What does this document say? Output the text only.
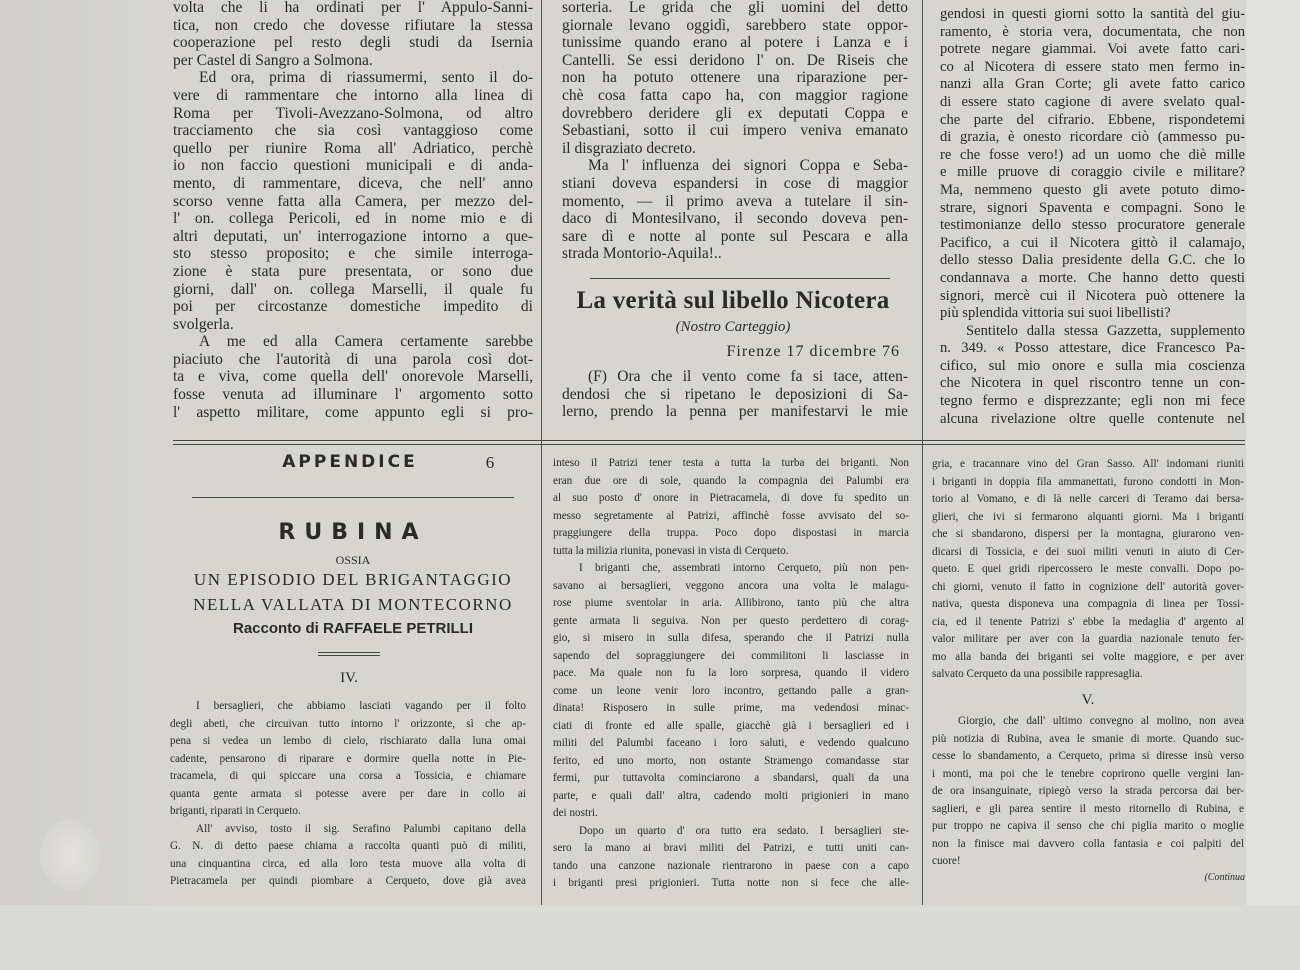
volta che li ha ordinati per l' Appulo-Sanni-
tica, non credo che dovesse rifiutare la stessa
cooperazione pel resto degli studi da Isernia
per Castel di Sangro a Solmona.
Ed ora, prima di riassumermi, sento il do-
vere di rammentare che intorno alla linea di
Roma per Tivoli-Avezzano-Solmona, od altro
tracciamento che sia così vantaggioso come
quello per riunire Roma all' Adriatico, perchè
io non faccio questioni municipali e di anda-
mento, di rammentare, diceva, che nell' anno
scorso venne fatta alla Camera, per mezzo del-
l' on. collega Pericoli, ed in nome mio e di
altri deputati, un' interrogazione intorno a que-
sto stesso proposito; e che simile interroga-
zione è stata pure presentata, or sono due
giorni, dall' on. collega Marselli, il quale fu
poi per circostanze domestiche impedito di
svolgerla.
A me ed alla Camera certamente sarebbe
piaciuto che l'autorità di una parola così dot-
ta e viva, come quella dell' onorevole Marselli,
fosse venuta ad illuminare l' argomento sotto
l' aspetto militare, come appunto egli si pro-
sorteria. Le grida che gli uomini del detto
giornale levano oggidì, sarebbero state oppor-
tunissime quando erano al potere i Lanza e i
Cantelli. Se essi deridono l' on. De Riseis che
non ha potuto ottenere una riparazione per-
chè cosa fatta capo ha, con maggior ragione
dovrebbero deridere gli ex deputati Coppa e
Sebastiani, sotto il cui impero veniva emanato
il disgraziato decreto.
Ma l' influenza dei signori Coppa e Seba-
stiani doveva espandersi in cose di maggior
momento, — il primo aveva a tutelare il sin-
daco di Montesilvano, il secondo doveva pen-
sare dì e notte al ponte sul Pescara e alla
strada Montorio-Aquila!..
La verità sul libello Nicotera
(Nostro Carteggio)
Firenze 17 dicembre 76
(F) Ora che il vento come fa si tace, atten-
dendosi che si ripetano le deposizioni di Sa-
lerno, prendo la penna per manifestarvi le mie
gendosi in questi giorni sotto la santità del giu-
ramento, è storia vera, documentata, che non
potrete negare giammai. Voi avete fatto cari-
co al Nicotera di essere stato men fermo in-
nanzi alla Gran Corte; gli avete fatto carico
di essere stato cagione di avere svelato qual-
che parte del cifrario. Ebbene, rispondetemi
di grazia, è onesto ricordare ciò (ammesso pu-
re che fosse vero!) ad un uomo che diè mille
e mille pruove di coraggio civile e militare?
Ma, nemmeno questo gli avete potuto dimo-
strare, signori Spaventa e compagni. Sono le
testimonianze dello stesso procuratore generale
Pacifico, a cui il Nicotera gittò il calamajo,
dello stesso Dalia presidente della G.C. che lo
condannava a morte. Che hanno detto questi
signori, mercè cui il Nicotera può ottenere la
più splendida vittoria sui suoi libellisti?
Sentitelo dalla stessa Gazzetta, supplemento
n. 349. « Posso attestare, dice Francesco Pa-
cifico, sul mio onore e sulla mia coscienza
che Nicotera in quel riscontro tenne un con-
tegno fermo e disprezzante; egli non mi fece
alcuna rivelazione oltre quelle contenute nel
APPENDICE	6
RUBINA
OSSIA
UN EPISODIO DEL BRIGANTAGGIO
NELLA VALLATA DI MONTECORNO
Racconto di RAFFAELE PETRILLI
IV.
I bersaglieri, che abbiamo lasciati vagando per il folto
degli abeti, che circuivan tutto intorno l' orizzonte, sì che ap-
pena si vedea un lembo di cielo, rischiarato dalla luna omai
cadente, pensarono di riparare e dormire quella notte in Pie-
tracamela, di qui spiccare una corsa a Tossicia, e chiamare
quanta gente armata si potesse avere per dare in collo ai
briganti, riparati in Cerqueto.
All' avviso, tosto il sig. Serafino Palumbi capitano della
G. N. di detto paese chiama a raccolta quanti può di militi,
una cinquantina circa, ed alla loro testa muove alla volta di
Pietracamela per quindi piombare a Cerqueto, dove già avea
inteso il Patrizi tener testa a tutta la turba dei briganti. Non
eran due ore di sole, quando la compagnia dei Palumbi era
al suo posto d' onore in Pietracamela, di dove fu spedito un
messo segretamente al Patrizi, affinchè fosse avvisato del so-
praggiungere della truppa. Poco dopo dispostasi in marcia
tutta la milizia riunita, ponevasi in vista di Cerqueto.
I briganti che, assembrati intorno Cerqueto, più non pen-
savano ai bersaglieri, veggono ancora una volta le malagu-
rose piume sventolar in aria. Allibirono, tanto più che altra
gente armata li seguiva. Non per questo perdettero di corag-
gio, si misero in sulla difesa, sperando che il Patrizi nulla
sapendo del sopraggiungere dei commilitoni li lasciasse in
pace. Ma quale non fu la loro sorpresa, quando il videro
come un leone venir loro incontro, gettando palle a gran-
dinata! Risposero in sulle prime, ma vedendosi minac-
ciati di fronte ed alle spalle, giacchè già i bersaglieri ed i
militi del Palumbi faceano i loro saluti, e vedendo qualcuno
ferito, ed uno morto, non ostante Stramengo comandasse star
fermi, pur tuttavolta cominciarono a sbandarsi, quali da una
parte, e quali dall' altra, cadendo molti prigionieri in mano
dei nostri.
Dopo un quarto d' ora tutto era sedato. I bersaglieri ste-
sero la mano ai bravi militi del Patrizi, e tutti uniti can-
tando una canzone nazionale rientrarono in paese con a capo
i briganti presi prigionieri. Tutta notte non si fece che alle-
gria, e tracannare vino del Gran Sasso. All' indomani riuniti
i briganti in doppia fila ammanettati, furono condotti in Mon-
torio al Vomano, e di là nelle carceri di Teramo dai bersa-
glieri, che ivi si fermarono alquanti giorni. Ma i briganti
che si sbandarono, dispersi per la montagna, giurarono ven-
dicarsi di Tossicia, e dei suoi militi venuti in aiuto di Cer-
queto. E quei gridi ripercossero le meste convalli. Dopo po-
chi giorni, venuto il fatto in cognizione dell' autorità gover-
nativa, questa disponeva una compagnia di linea per Tossi-
cia, ed il tenente Patrizi s' ebbe la medaglia d' argento al
valor militare per aver con la guardia nazionale tenuto fer-
mo alla banda dei briganti sei volte maggiore, e per aver
salvato Cerqueto da una possibile rappresaglia.
V.
Giorgio, che dall' ultimo convegno al molino, non avea
più notizia di Rubina, avea le smanie di morte. Quando suc-
cesse lo sbandamento, a Cerqueto, prima si diresse insù verso
i monti, ma poi che le tenebre coprirono quelle vergini lan-
de ora insanguinate, ripiegò verso la strada percorsa dai ber-
saglieri, e gli parea sentire il mesto ritornello di Rubina, e
pur troppo ne capiva il senso che chi piglia marito o moglie
non la finisce mai davvero colla fantasia e coi palpiti del
cuore!
(Continua
